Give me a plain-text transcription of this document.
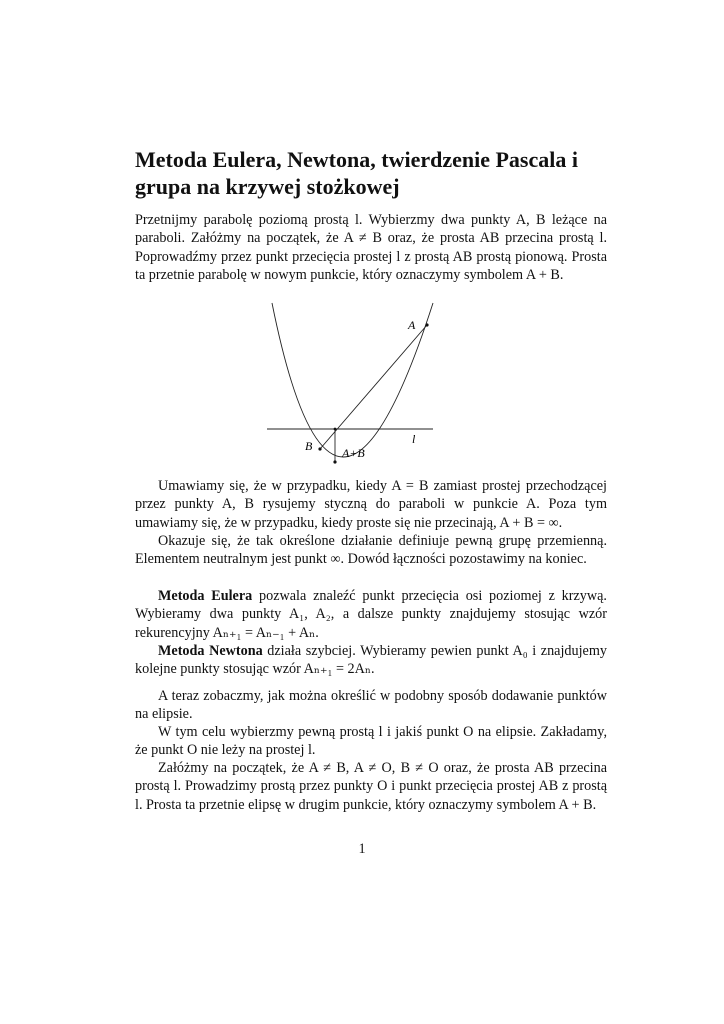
Metoda Eulera, Newtona, twierdzenie Pascala i grupa na krzywej stożkowej

Przetnijmy parabolę poziomą prostą l. Wybierzmy dwa punkty A, B leżące na paraboli. Załóżmy na początek, że A ≠ B oraz, że prosta AB przecina prostą l. Poprowadźmy przez punkt przecięcia prostej l z prostą AB prostą pionową. Prosta ta przetnie parabolę w nowym punkcie, który oznaczymy symbolem A + B.

A
B A+B
l

Umawiamy się, że w przypadku, kiedy A = B zamiast prostej przechodzącej przez punkty A, B rysujemy styczną do paraboli w punkcie A. Poza tym umawiamy się, że w przypadku, kiedy proste się nie przecinają, A + B = ∞.

Okazuje się, że tak określone działanie definiuje pewną grupę przemienną. Elementem neutralnym jest punkt ∞. Dowód łączności pozostawimy na koniec.

Metoda Eulera pozwala znaleźć punkt przecięcia osi poziomej z krzywą. Wybieramy dwa punkty A₁, A₂, a dalsze punkty znajdujemy stosując wzór rekurencyjny Aₙ₊₁ = Aₙ₋₁ + Aₙ.

Metoda Newtona działa szybciej. Wybieramy pewien punkt A₀ i znajdujemy kolejne punkty stosując wzór Aₙ₊₁ = 2Aₙ.

A teraz zobaczmy, jak można określić w podobny sposób dodawanie punktów na elipsie.

W tym celu wybierzmy pewną prostą l i jakiś punkt O na elipsie. Zakładamy, że punkt O nie leży na prostej l.

Załóżmy na początek, że A ≠ B, A ≠ O, B ≠ O oraz, że prosta AB przecina prostą l. Prowadzimy prostą przez punkty O i punkt przecięcia prostej AB z prostą l. Prosta ta przetnie elipsę w drugim punkcie, który oznaczymy symbolem A + B.

1
